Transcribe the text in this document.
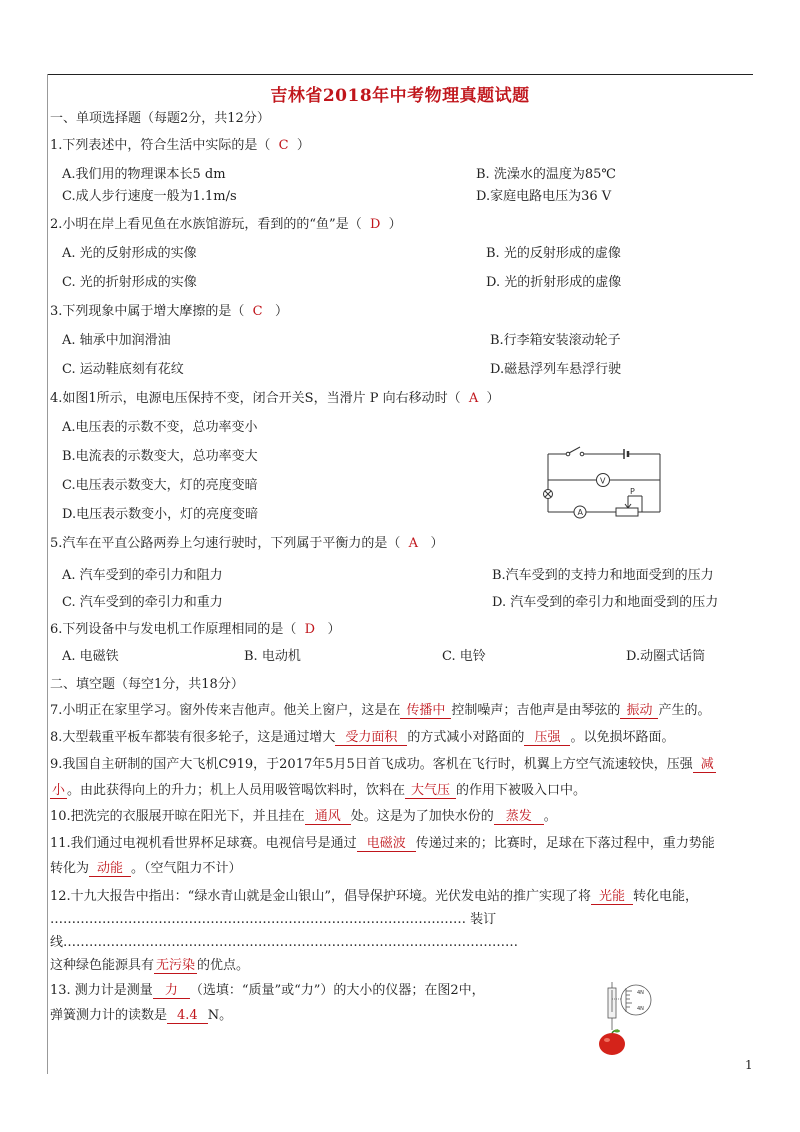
吉林省2018年中考物理真题试题
一、单项选择题（每题2分，共12分）
1.下列表述中，符合生活中实际的是（ C ）
A.我们用的物理课本长5 dm	B. 洗澡水的温度为85℃
C.成人步行速度一般为1.1m/s	D.家庭电路电压为36 V
2.小明在岸上看见鱼在水族馆游玩，看到的的“鱼”是（ D ）
A. 光的反射形成的实像	B. 光的反射形成的虚像
C. 光的折射形成的实像	D. 光的折射形成的虚像
3.下列现象中属于增大摩擦的是（ C ）
A. 轴承中加润滑油	B.行李箱安装滚动轮子
C. 运动鞋底刻有花纹	D.磁悬浮列车悬浮行驶
4.如图1所示，电源电压保持不变，闭合开关S，当滑片 P 向右移动时（ A ）
A.电压表的示数不变，总功率变小
B.电流表的示数变大，总功率变大
C.电压表示数变大，灯的亮度变暗
D.电压表示数变小，灯的亮度变暗
V
A
P
5.汽车在平直公路两券上匀速行驶时，下列属于平衡力的是（ A ）
A. 汽车受到的牵引力和阻力	B.汽车受到的支持力和地面受到的压力
C. 汽车受到的牵引力和重力	D. 汽车受到的牵引力和地面受到的压力
6.下列设备中与发电机工作原理相同的是（ D ）
A. 电磁铁	B. 电动机	C. 电铃	D.动圈式话筒
二、填空题（每空1分，共18分）
7.小明正在家里学习。窗外传来吉他声。他关上窗户，这是在 传播中 控制噪声；吉他声是由琴弦的 振动 产生的。
8.大型载重平板车都装有很多轮子，这是通过增大 受力面积 的方式减小对路面的 压强 。以免损坏路面。
9.我国自主研制的国产大飞机C919，于2017年5月5日首飞成功。客机在飞行时，机翼上方空气流速较快，压强 减
小 。由此获得向上的升力；机上人员用吸管喝饮料时，饮料在 大气压 的作用下被吸入口中。
10.把洗完的衣服展开晾在阳光下，并且挂在 通风 处。这是为了加快水份的 蒸发 。
11.我们通过电视机看世界杯足球赛。电视信号是通过 电磁波 传递过来的；比赛时，足球在下落过程中，重力势能
转化为 动能 。（空气阻力不计）
12.十九大报告中指出：“绿水青山就是金山银山”，倡导保护环境。光伏发电站的推广实现了将 光能 转化电能，
…………………………………………………………………………………… 装订
线……………………………………………………………………………………………
这种绿色能源具有 无污染 的优点。
13. 测力计是测量 力 （选填：“质量”或“力”）的大小的仪器；在图2中，
弹簧测力计的读数是 4.4 N。
4N
4N
1
